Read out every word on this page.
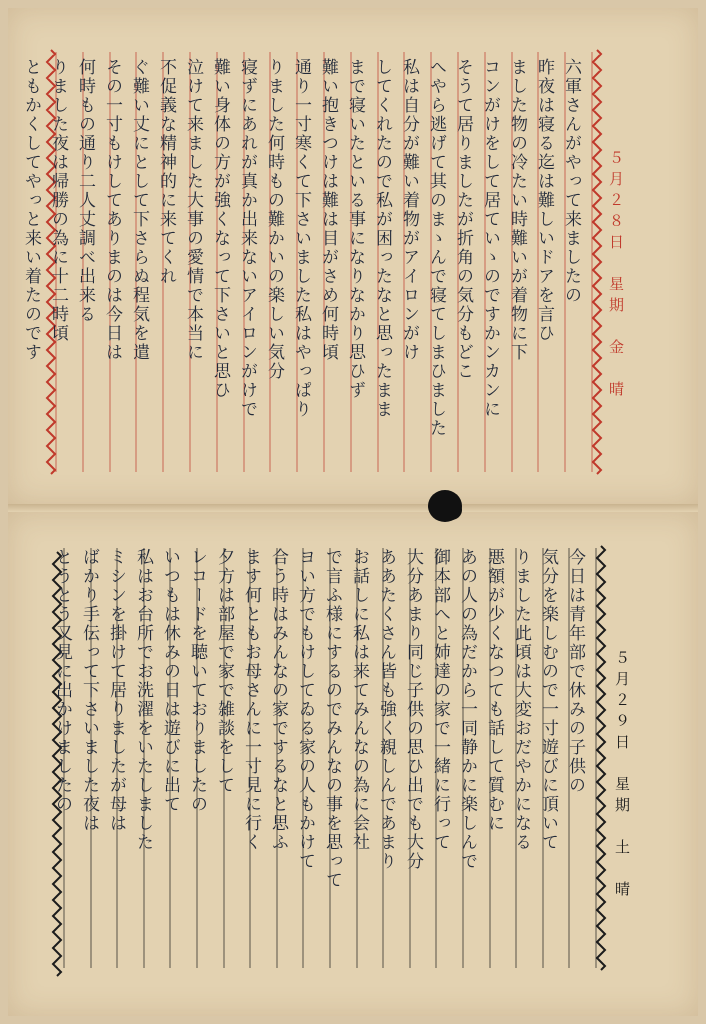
５月２８日　星期　金　晴
５月２９日　星期　土　晴
六軍さんがやって来ましたの昨夜は寝る迄は難しいドアを言ひました物の冷たい時難いが着物に下コンがけをして居ていゝのですかンカンにそうて居りましたが折角の気分もどこへやら逃げて其のまゝんで寝てしまひました私は自分が難い着物がアイロンがけしてくれたので私が困ったなと思ったまままで寝いたといる事になりなかり思ひず難い抱きつけは難は目がさめ何時頃通り一寸寒くて下さいました私はやっぱりりました何時もの難かいの楽しい気分寝ずにあれが真か出来ないアイロンがけで難い身体の方が強くなって下さいと思ひ泣けて来ました大事の愛情で本当に不促義な精神的に来てくれぐ難い丈にとして下さらぬ程気を遣その一寸もけしてありまのは今日は何時もの通り二人丈調べ出来るりました夜は帰勝の為に十二時頃ともかくしてやっと来い着たのです
今日は青年部で休みの子供の気分を楽しむので一寸遊びに頂いてりました此頃は大変おだやかになる悪額が少くなつても話して質むにあの人の為だから一同静かに楽しんで御本部へと姉達の家で一緒に行って大分あまり同じ子供の思ひ出でも大分ああたくさん皆も強く親しんであまりお話しに私は来てみんなの為に会社で言ふ様にするのでみんなの事を思ってヨい方でもけしてゐる家の人もかけて合う時はみんなの家でするなと思ふます何ともお母さんに一寸見に行く夕方は部屋で家で雑談をしてレコードを聴いておりましたのいつもは休みの日は遊びに出て私はお台所でお洗濯をいたしましたミシンを掛けて居りましたが母はばかり手伝って下さいました夜はとうとう又見に出かけましたの
